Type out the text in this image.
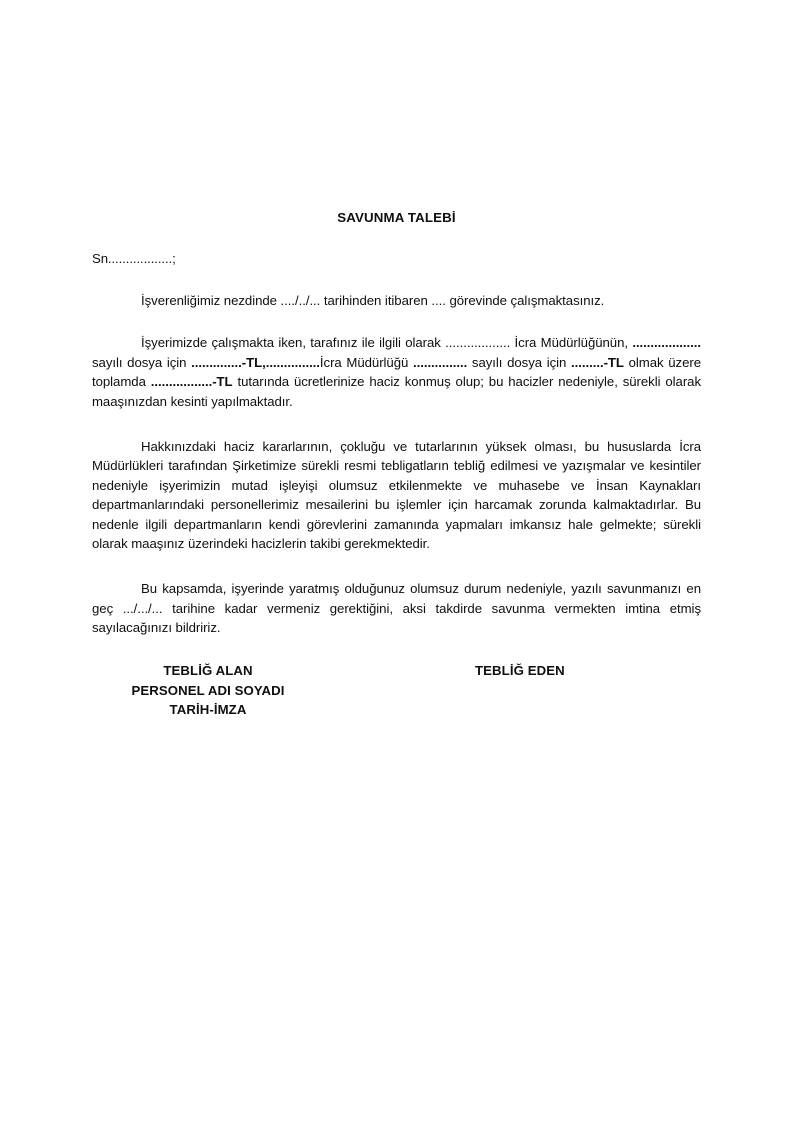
SAVUNMA TALEBİ
Sn..................;

İşverenliğimiz nezdinde ..../../... tarihinden itibaren .... görevinde çalışmaktasınız.

İşyerimizde çalışmakta iken, tarafınız ile ilgili olarak .................. İcra Müdürlüğünün, ................... sayılı dosya için ..............-TL,...............İcra Müdürlüğü ............... sayılı dosya için .........-TL olmak üzere toplamda .................-TL tutarında ücretlerinize haciz konmuş olup; bu hacizler nedeniyle, sürekli olarak maaşınızdan kesinti yapılmaktadır.

Hakkınızdaki haciz kararlarının, çokluğu ve tutarlarının yüksek olması, bu hususlarda İcra Müdürlükleri tarafından Şirketimize sürekli resmi tebligatların tebliğ edilmesi ve yazışmalar ve kesintiler nedeniyle işyerimizin mutad işleyişi olumsuz etkilenmekte ve muhasebe ve İnsan Kaynakları departmanlarındaki personellerimiz mesailerini bu işlemler için harcamak zorunda kalmaktadırlar. Bu nedenle ilgili departmanların kendi görevlerini zamanında yapmaları imkansız hale gelmekte; sürekli olarak maaşınız üzerindeki hacizlerin takibi gerekmektedir.

Bu kapsamda, işyerinde yaratmış olduğunuz olumsuz durum nedeniyle, yazılı savunmanızı en geç .../.../... tarihine kadar vermeniz gerektiğini, aksi takdirde savunma vermekten imtina etmiş sayılacağınızı bildririz.

TEBLİĞ ALAN
PERSONEL ADI SOYADI
TARİH-İMZA
TEBLİĞ EDEN
